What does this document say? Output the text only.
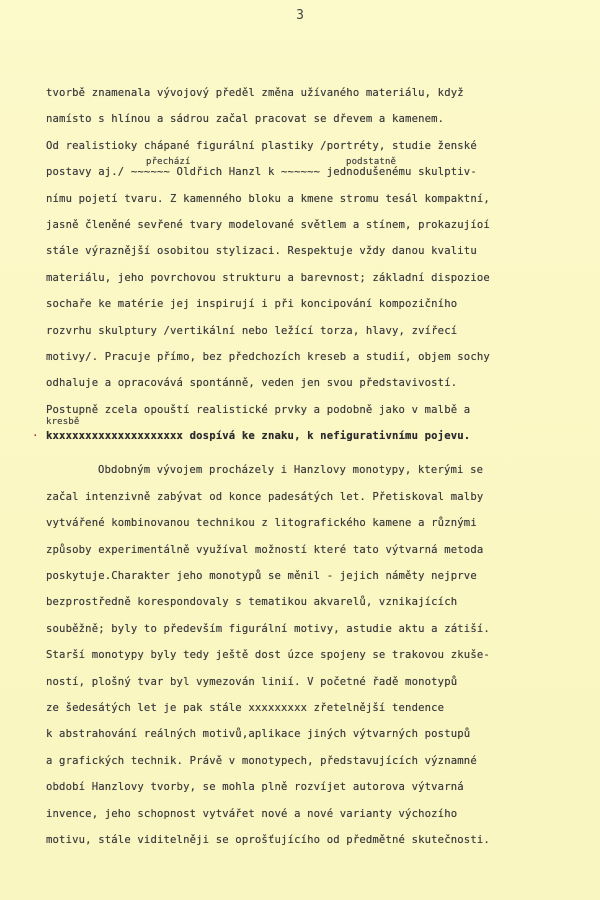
3
tvorbě znamenala vývojový předěl změna užívaného materiálu, když
namísto s hlínou a sádrou začal pracovat se dřevem a kamenem.
Od realistioky chápané figurální plastiky /portréty, studie ženské
přechází	podstatně
postavy aj./ ~~~~~~ Oldřich Hanzl k ~~~~~~ jednodušenému skulptiv-
nímu pojetí tvaru. Z kamenného bloku a kmene stromu tesál kompaktní,
jasně členěné sevřené tvary modelované světlem a stínem, prokazujíoí
stále výraznější osobitou stylizaci. Respektuje vždy danou kvalitu
materiálu, jeho povrchovou strukturu a barevnost; základní dispozioe
sochaře ke matérie jej inspirují i při koncipování kompozičního
rozvrhu skulptury /vertikální nebo ležící torza, hlavy, zvířecí
motivy/. Pracuje přímo, bez předchozích kreseb a studií, objem sochy
odhaluje a opracovává spontánně, veden jen svou představivostí.
Postupně zcela opouští realistické prvky a podobně jako v malbě a
·
kresbě
kxxxxxxxxxxxxxxxxxxxx dospívá ke znaku, k nefigurativnímu pojevu.
Obdobným vývojem procházely i Hanzlovy monotypy, kterými se
začal intenzivně zabývat od konce padesátých let. Přetiskoval malby
vytvářené kombinovanou technikou z litografického kamene a různými
způsoby experimentálně využíval možností které tato výtvarná metoda
poskytuje.Charakter jeho monotypů se měnil - jejich náměty nejprve
bezprostředně korespondovaly s tematikou akvarelů, vznikajících
souběžně; byly to především figurální motivy, astudie aktu a zátiší.
Starší monotypy byly tedy ještě dost úzce spojeny se trakovou zkuše-
ností, plošný tvar byl vymezován linií. V početné řadě monotypů
ze šedesátých let je pak stále xxxxxxxxx zřetelnější tendence
k abstrahování reálných motivů,aplikace jiných výtvarných postupů
a grafických technik. Právě v monotypech, představujících významné
období Hanzlovy tvorby, se mohla plně rozvíjet autorova výtvarná
invence, jeho schopnost vytvářet nové a nové varianty výchozího
motivu, stále viditelněji se oprošťujícího od předmětné skutečnosti.
